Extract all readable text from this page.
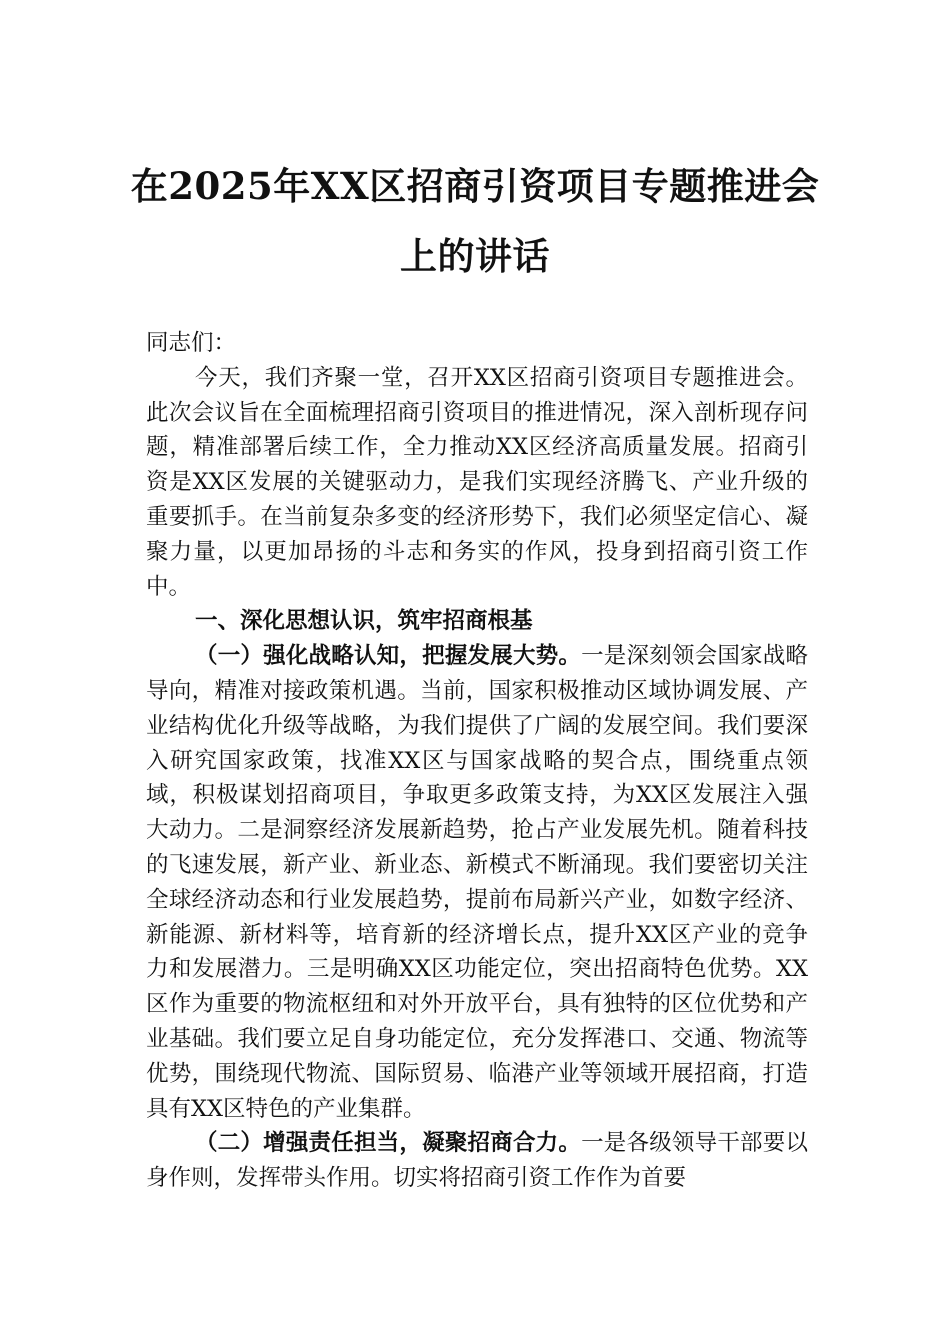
在2025年XX区招商引资项目专题推进会
上的讲话

同志们：

今天，我们齐聚一堂，召开XX区招商引资项目专题推进会。此次会议旨在全面梳理招商引资项目的推进情况，深入剖析现存问题，精准部署后续工作，全力推动XX区经济高质量发展。招商引资是XX区发展的关键驱动力，是我们实现经济腾飞、产业升级的重要抓手。在当前复杂多变的经济形势下，我们必须坚定信心、凝聚力量，以更加昂扬的斗志和务实的作风，投身到招商引资工作中。

一、深化思想认识，筑牢招商根基

（一）强化战略认知，把握发展大势。一是深刻领会国家战略导向，精准对接政策机遇。当前，国家积极推动区域协调发展、产业结构优化升级等战略，为我们提供了广阔的发展空间。我们要深入研究国家政策，找准XX区与国家战略的契合点，围绕重点领域，积极谋划招商项目，争取更多政策支持，为XX区发展注入强大动力。二是洞察经济发展新趋势，抢占产业发展先机。随着科技的飞速发展，新产业、新业态、新模式不断涌现。我们要密切关注全球经济动态和行业发展趋势，提前布局新兴产业，如数字经济、新能源、新材料等，培育新的经济增长点，提升XX区产业的竞争力和发展潜力。三是明确XX区功能定位，突出招商特色优势。XX区作为重要的物流枢纽和对外开放平台，具有独特的区位优势和产业基础。我们要立足自身功能定位，充分发挥港口、交通、物流等优势，围绕现代物流、国际贸易、临港产业等领域开展招商，打造具有XX区特色的产业集群。

（二）增强责任担当，凝聚招商合力。一是各级领导干部要以身作则，发挥带头作用。切实将招商引资工作作为首要
